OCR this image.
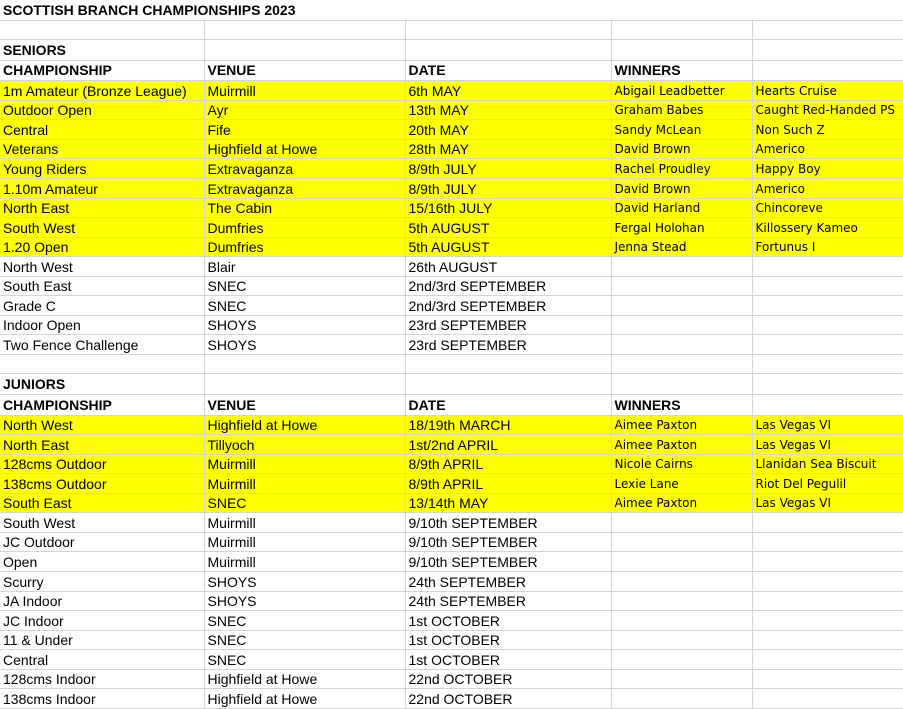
SCOTTISH BRANCH CHAMPIONSHIPS 2023				

SENIORS				
CHAMPIONSHIP	VENUE	DATE	WINNERS	
1m Amateur (Bronze League)	Muirmill	6th MAY	Abigail Leadbetter	Hearts Cruise
Outdoor Open	Ayr	13th MAY	Graham Babes	Caught Red-Handed PS
Central	Fife	20th MAY	Sandy McLean	Non Such Z
Veterans	Highfield at Howe	28th MAY	David Brown	Americo
Young Riders	Extravaganza	8/9th JULY	Rachel Proudley	Happy Boy
1.10m Amateur	Extravaganza	8/9th JULY	David Brown	Americo
North East	The Cabin	15/16th JULY	David Harland	Chincoreve
South West	Dumfries	5th AUGUST	Fergal Holohan	Killossery Kameo
1.20 Open	Dumfries	5th AUGUST	Jenna Stead	Fortunus I
North West	Blair	26th AUGUST		
South East	SNEC	2nd/3rd SEPTEMBER		
Grade C	SNEC	2nd/3rd SEPTEMBER		
Indoor Open	SHOYS	23rd SEPTEMBER		
Two Fence Challenge	SHOYS	23rd SEPTEMBER		

JUNIORS				
CHAMPIONSHIP	VENUE	DATE	WINNERS	
North West	Highfield at Howe	18/19th MARCH	Aimee Paxton	Las Vegas VI
North East	Tillyoch	1st/2nd APRIL	Aimee Paxton	Las Vegas VI
128cms Outdoor	Muirmill	8/9th APRIL	Nicole Cairns	Llanidan Sea Biscuit
138cms Outdoor	Muirmill	8/9th APRIL	Lexie Lane	Riot Del Pegulil
South East	SNEC	13/14th MAY	Aimee Paxton	Las Vegas VI
South West	Muirmill	9/10th SEPTEMBER		
JC Outdoor	Muirmill	9/10th SEPTEMBER		
Open	Muirmill	9/10th SEPTEMBER		
Scurry	SHOYS	24th SEPTEMBER		
JA Indoor	SHOYS	24th SEPTEMBER		
JC Indoor	SNEC	1st OCTOBER		
11 & Under	SNEC	1st OCTOBER		
Central	SNEC	1st OCTOBER		
128cms Indoor	Highfield at Howe	22nd OCTOBER		
138cms Indoor	Highfield at Howe	22nd OCTOBER		
